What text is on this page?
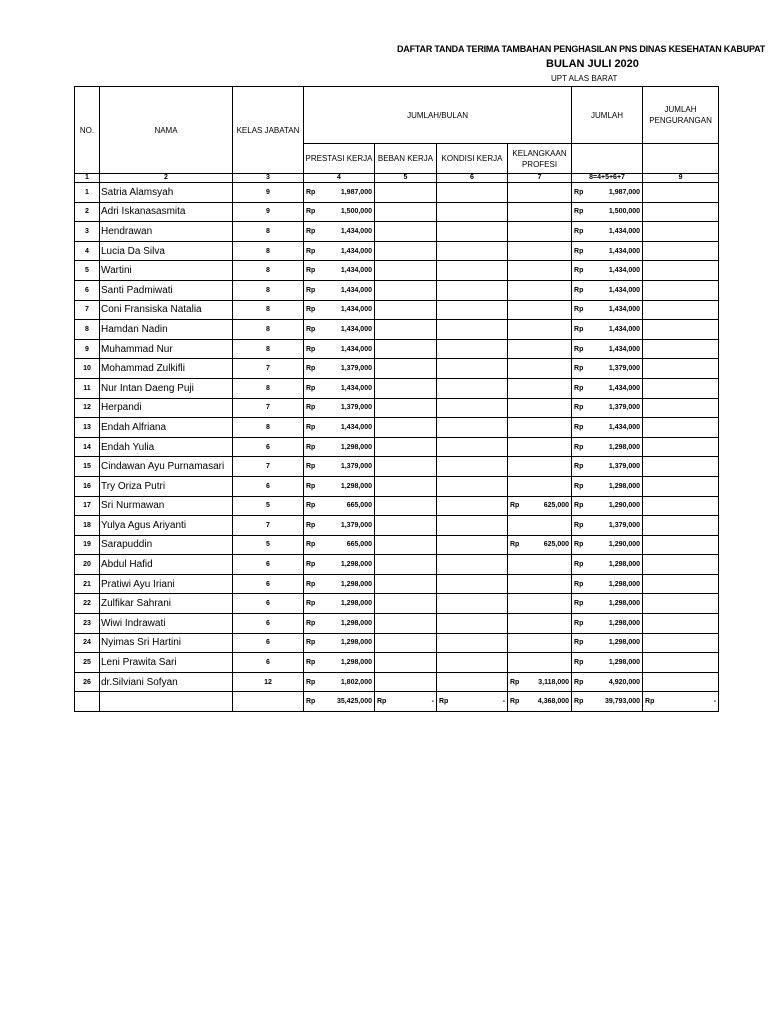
DAFTAR TANDA TERIMA TAMBAHAN PENGHASILAN PNS DINAS KESEHATAN KABUPAT
BULAN JULI 2020
UPT ALAS BARAT
NO.	NAMA	KELAS JABATAN	JUMLAH/BULAN				JUMLAH	JUMLAH PENGURANGAN
			PRESTASI KERJA	BEBAN KERJA	KONDISI KERJA	KELANGKAAN PROFESI		
1	2	3	4	5	6	7	8=4+5+6+7	9
1	Satria Alamsyah	9	Rp 1,987,000				Rp 1,987,000	

2	Adri Iskanasasmita	9	Rp 1,500,000				Rp 1,500,000	

3	Hendrawan	8	Rp 1,434,000				Rp 1,434,000	

4	Lucia Da Silva	8	Rp 1,434,000				Rp 1,434,000	

5	Wartini	8	Rp 1,434,000				Rp 1,434,000	

6	Santi Padmiwati	8	Rp 1,434,000				Rp 1,434,000	

7	Coni Fransiska Natalia	8	Rp 1,434,000				Rp 1,434,000	

8	Hamdan Nadin	8	Rp 1,434,000				Rp 1,434,000	

9	Muhammad Nur	8	Rp 1,434,000				Rp 1,434,000	

10	Mohammad Zulkifli	7	Rp 1,379,000				Rp 1,379,000	

11	Nur Intan Daeng Puji	8	Rp 1,434,000				Rp 1,434,000	

12	Herpandi	7	Rp 1,379,000				Rp 1,379,000	

13	Endah Alfriana	8	Rp 1,434,000				Rp 1,434,000	

14	Endah Yulia	6	Rp 1,298,000				Rp 1,298,000	

15	Cindawan Ayu Purnamasari	7	Rp 1,379,000				Rp 1,379,000	

16	Try Oriza Putri	6	Rp 1,298,000				Rp 1,298,000	

17	Sri Nurmawan	5	Rp 665,000			Rp 625,000	Rp 1,290,000	

18	Yulya Agus Ariyanti	7	Rp 1,379,000				Rp 1,379,000	

19	Sarapuddin	5	Rp 665,000			Rp 625,000	Rp 1,290,000	

20	Abdul Hafid	6	Rp 1,298,000				Rp 1,298,000	

21	Pratiwi Ayu Iriani	6	Rp 1,298,000				Rp 1,298,000	

22	Zulfikar Sahrani	6	Rp 1,298,000				Rp 1,298,000	

23	Wiwi Indrawati	6	Rp 1,298,000				Rp 1,298,000	

24	Nyimas Sri Hartini	6	Rp 1,298,000				Rp 1,298,000	

25	Leni Prawita Sari	6	Rp 1,298,000				Rp 1,298,000	

26	dr.Silviani Sofyan	12	Rp 1,802,000			Rp 3,118,000	Rp 4,920,000	

			Rp 35,425,000	Rp -	Rp -	Rp 4,368,000	Rp 39,793,000	Rp -
